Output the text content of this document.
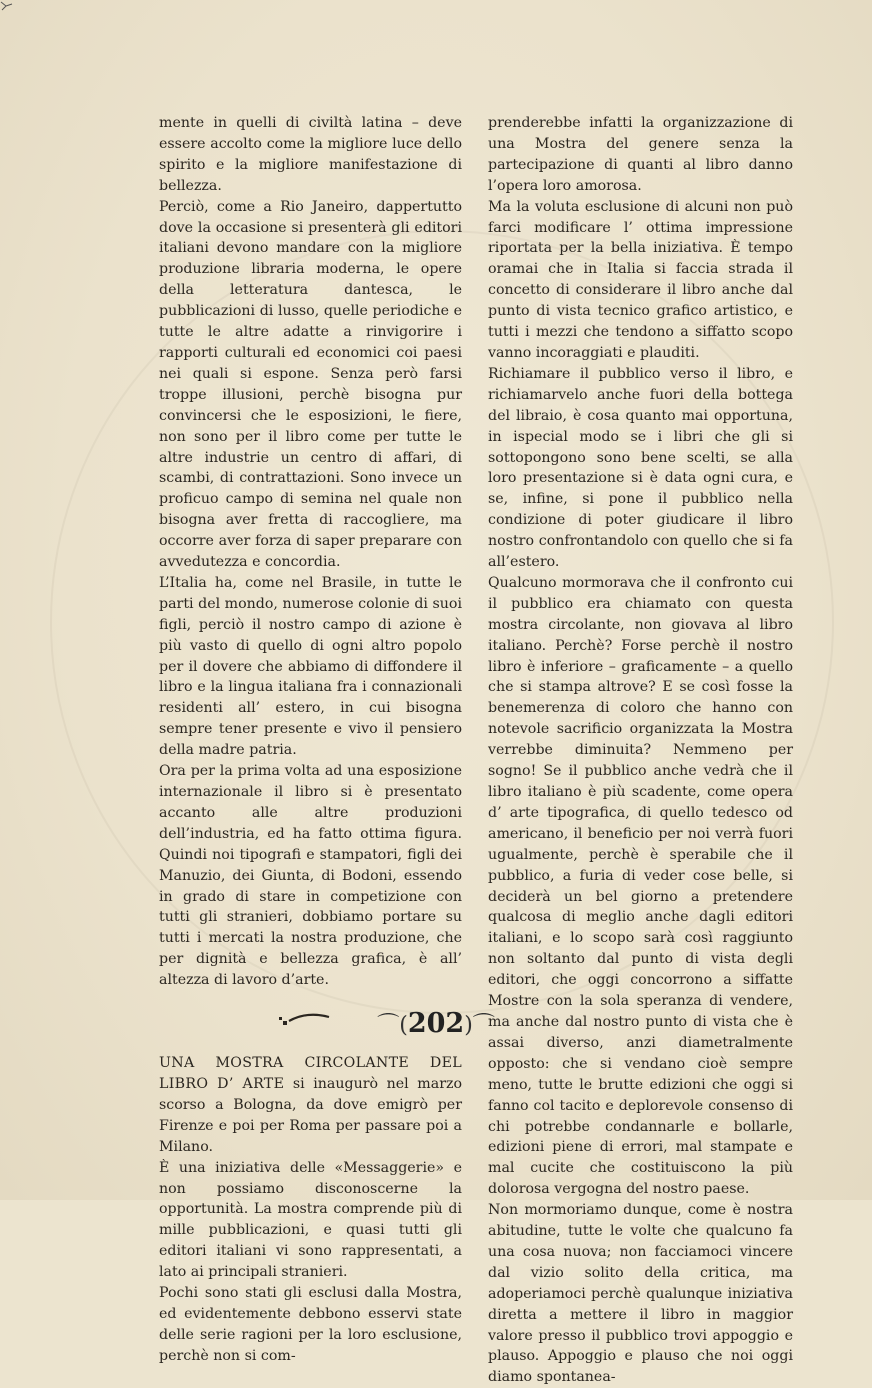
mente in quelli di civiltà latina – deve essere accolto come la migliore luce dello spirito e la migliore manifestazione di bellezza.

Perciò, come a Rio Janeiro, dappertutto dove la occasione si presenterà gli editori italiani devono mandare con la migliore produzione libraria moderna, le opere della letteratura dantesca, le pubblicazioni di lusso, quelle periodiche e tutte le altre adatte a rinvigorire i rapporti culturali ed economici coi paesi nei quali si espone. Senza però farsi troppe illusioni, perchè bisogna pur convincersi che le esposizioni, le fiere, non sono per il libro come per tutte le altre industrie un centro di affari, di scambi, di contrattazioni. Sono invece un proficuo campo di semina nel quale non bisogna aver fretta di raccogliere, ma occorre aver forza di saper preparare con avvedutezza e concordia.

L’Italia ha, come nel Brasile, in tutte le parti del mondo, numerose colonie di suoi figli, perciò il nostro campo di azione è più vasto di quello di ogni altro popolo per il dovere che abbiamo di diffondere il libro e la lingua italiana fra i connazionali residenti all’ estero, in cui bisogna sempre tener presente e vivo il pensiero della madre patria.

Ora per la prima volta ad una esposizione internazionale il libro si è presentato accanto alle altre produzioni dell’industria, ed ha fatto ottima figura. Quindi noi tipografi e stampatori, figli dei Manuzio, dei Giunta, di Bodoni, essendo in grado di stare in competizione con tutti gli stranieri, dobbiamo portare su tutti i mercati la nostra produzione, che per dignità e bellezza grafica, è all’ altezza di lavoro d’arte.

UNA MOSTRA CIRCOLANTE DEL LIBRO D’ ARTE si inaugurò nel marzo scorso a Bologna, da dove emigrò per Firenze e poi per Roma per passare poi a Milano.

È una iniziativa delle «Messaggerie» e non possiamo disconoscerne la opportunità. La mostra comprende più di mille pubblicazioni, e quasi tutti gli editori italiani vi sono rappresentati, a lato ai principali stranieri.

Pochi sono stati gli esclusi dalla Mostra, ed evidentemente debbono esservi state delle serie ragioni per la loro esclusione, perchè non si com-

prenderebbe infatti la organizzazione di una Mostra del genere senza la partecipazione di quanti al libro danno l’opera loro amorosa.

Ma la voluta esclusione di alcuni non può farci modificare l’ ottima impressione riportata per la bella iniziativa. È tempo oramai che in Italia si faccia strada il concetto di considerare il libro anche dal punto di vista tecnico grafico artistico, e tutti i mezzi che tendono a siffatto scopo vanno incoraggiati e plauditi.

Richiamare il pubblico verso il libro, e richiamarvelo anche fuori della bottega del libraio, è cosa quanto mai opportuna, in ispecial modo se i libri che gli si sottopongono sono bene scelti, se alla loro presentazione si è data ogni cura, e se, infine, si pone il pubblico nella condizione di poter giudicare il libro nostro confrontandolo con quello che si fa all’estero.

Qualcuno mormorava che il confronto cui il pubblico era chiamato con questa mostra circolante, non giovava al libro italiano. Perchè? Forse perchè il nostro libro è inferiore – graficamente – a quello che si stampa altrove? E se così fosse la benemerenza di coloro che hanno con notevole sacrificio organizzata la Mostra verrebbe diminuita? Nemmeno per sogno! Se il pubblico anche vedrà che il libro italiano è più scadente, come opera d’ arte tipografica, di quello tedesco od americano, il beneficio per noi verrà fuori ugualmente, perchè è sperabile che il pubblico, a furia di veder cose belle, si deciderà un bel giorno a pretendere qualcosa di meglio anche dagli editori italiani, e lo scopo sarà così raggiunto non soltanto dal punto di vista degli editori, che oggi concorrono a siffatte Mostre con la sola speranza di vendere, ma anche dal nostro punto di vista che è assai diverso, anzi diametralmente opposto: che si vendano cioè sempre meno, tutte le brutte edizioni che oggi si fanno col tacito e deplorevole consenso di chi potrebbe condannarle e bollarle, edizioni piene di errori, mal stampate e mal cucite che costituiscono la più dolorosa vergogna del nostro paese.

Non mormoriamo dunque, come è nostra abitudine, tutte le volte che qualcuno fa una cosa nuova; non facciamoci vincere dal vizio solito della critica, ma adoperiamoci perchè qualunque iniziativa diretta a mettere il libro in maggior valore presso il pubblico trovi appoggio e plauso. Appoggio e plauso che noi oggi diamo spontanea-

⌒(202)⌒
